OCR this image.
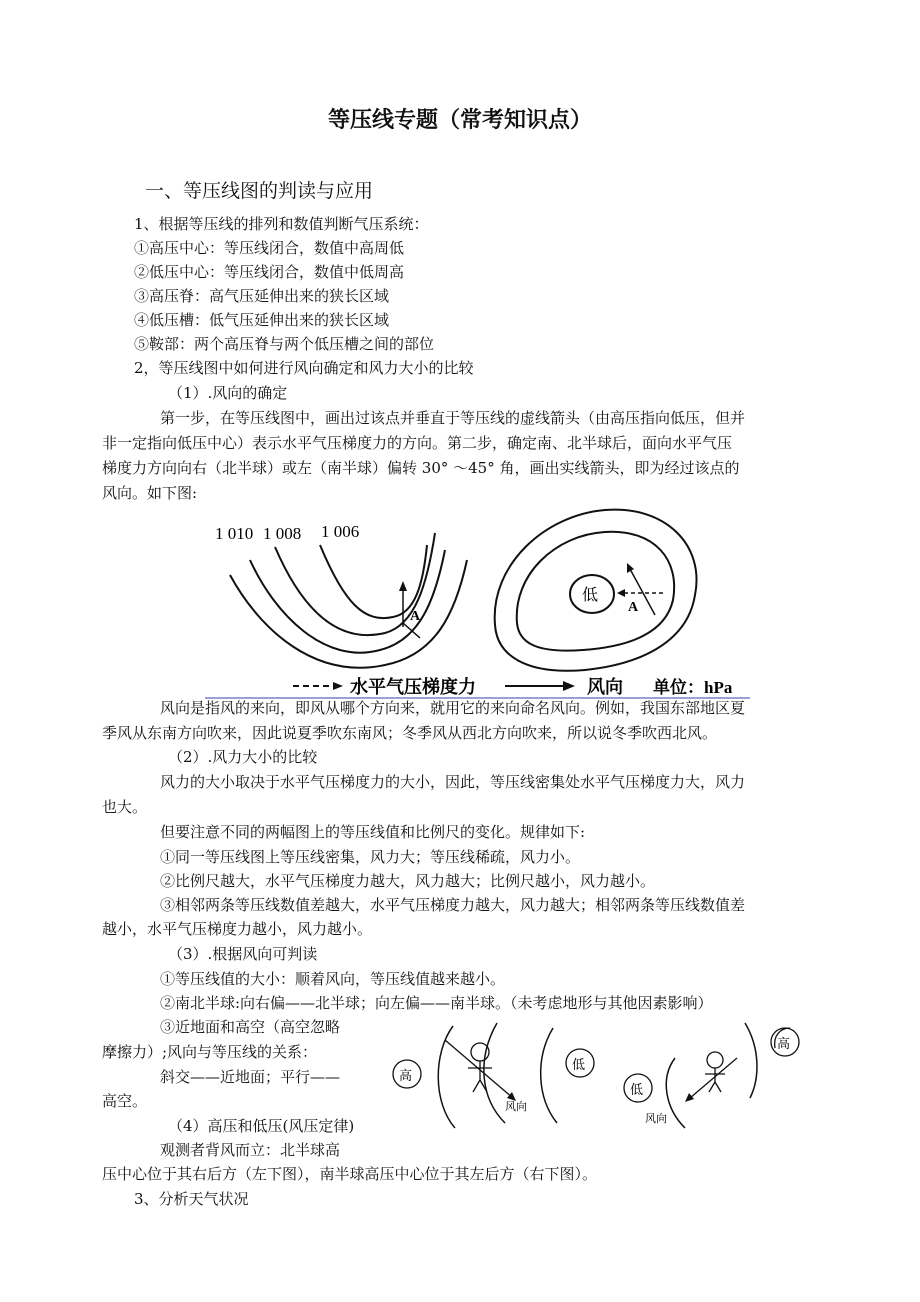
等压线专题（常考知识点）
一、等压线图的判读与应用
1、根据等压线的排列和数值判断气压系统：
①高压中心：等压线闭合，数值中高周低
②低压中心：等压线闭合，数值中低周高
③高压脊：高气压延伸出来的狭长区域
④低压槽：低气压延伸出来的狭长区域
⑤鞍部：两个高压脊与两个低压槽之间的部位
2，等压线图中如何进行风向确定和风力大小的比较
（1）.风向的确定
第一步，在等压线图中，画出过该点并垂直于等压线的虚线箭头（由高压指向低压，但并
非一定指向低压中心）表示水平气压梯度力的方向。第二步，确定南、北半球后，面向水平气压
梯度力方向向右（北半球）或左（南半球）偏转 30° ～45° 角，画出实线箭头，即为经过该点的
风向。如下图:
1 010 1 008 1 006
A
低
A
水平气压梯度力	风向 单位：hPa
风向是指风的来向，即风从哪个方向来，就用它的来向命名风向。例如，我国东部地区夏
季风从东南方向吹来，因此说夏季吹东南风；冬季风从西北方向吹来，所以说冬季吹西北风。
（2）.风力大小的比较
风力的大小取决于水平气压梯度力的大小，因此，等压线密集处水平气压梯度力大，风力
也大。
但要注意不同的两幅图上的等压线值和比例尺的变化。规律如下:
①同一等压线图上等压线密集，风力大；等压线稀疏，风力小。
②比例尺越大，水平气压梯度力越大，风力越大；比例尺越小，风力越小。
③相邻两条等压线数值差越大，水平气压梯度力越大，风力越大；相邻两条等压线数值差
越小，水平气压梯度力越小，风力越小。
（3）.根据风向可判读
①等压线值的大小：顺着风向，等压线值越来越小。
②南北半球:向右偏——北半球；向左偏——南半球。（未考虑地形与其他因素影响）
③近地面和高空（高空忽略
摩擦力）;风向与等压线的关系：
斜交——近地面；平行——
高空。
（4）高压和低压(风压定律)
观测者背风而立：北半球高
压中心位于其右后方（左下图），南半球高压中心位于其左后方（右下图）。
3、分析天气状况
高
风向
低
低
风向
高
